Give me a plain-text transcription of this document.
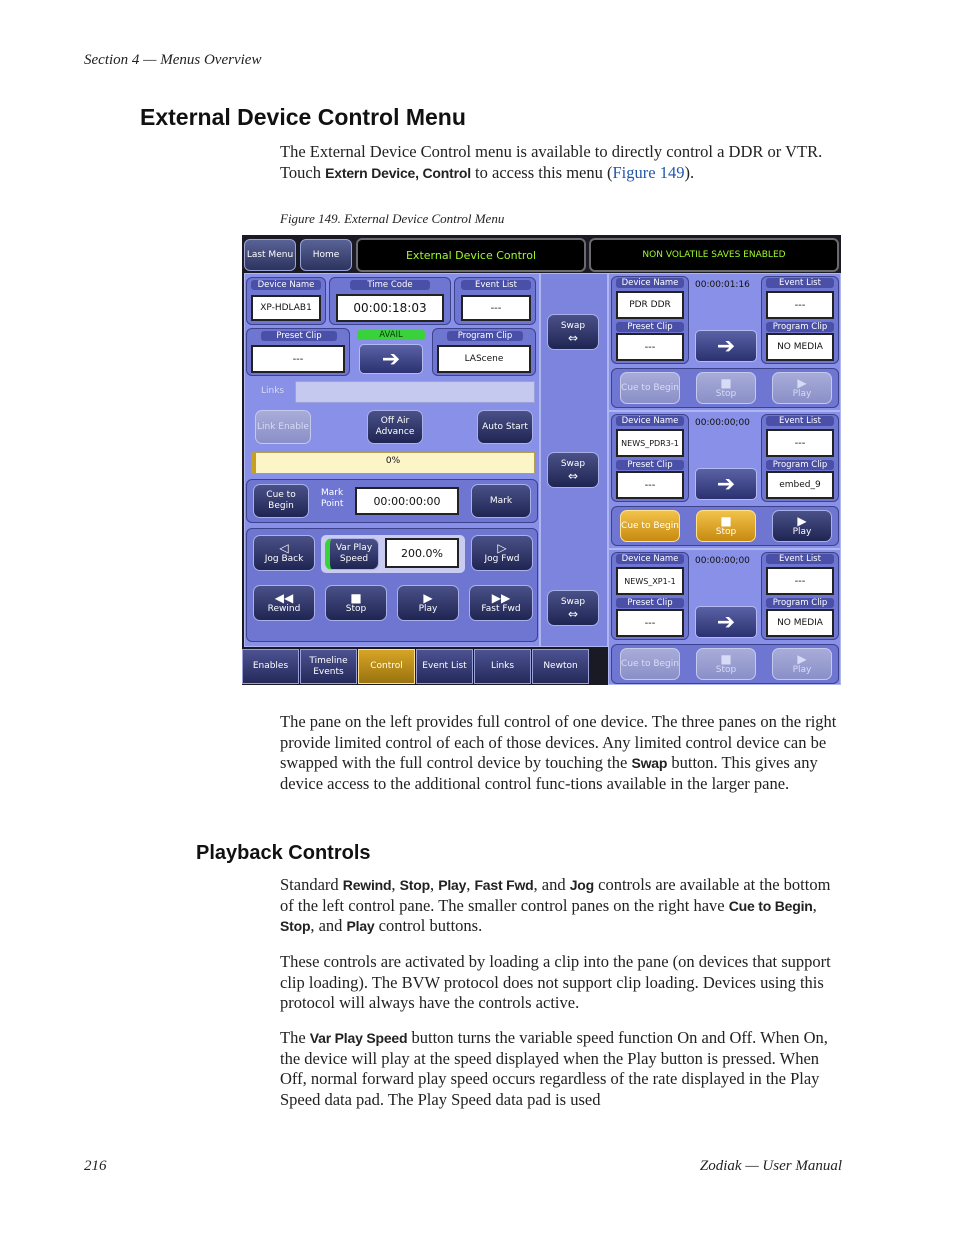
Section 4 — Menus Overview
External Device Control Menu
The External Device Control menu is available to directly control a DDR or VTR. Touch Extern Device, Control to access this menu (Figure 149).
Figure 149. External Device Control Menu
Last Menu	Home	External Device Control	NON VOLATILE SAVES ENABLED
Device Name
XP-HDLAB1
Time Code
00:00:18:03
Event List
---
Preset Clip
---
AVAIL
➔
Program Clip
LAScene
Links
Link Enable
Off Air Advance
Auto Start
0%
Cue to Begin
Mark Point	00:00:00:00	Mark
◁
Jog Back
Var Play Speed	200.0%	▷
Jog Fwd
◀◀
Rewind
■
Stop
▶
Play
▶▶
Fast Fwd
Swap
⇔
Swap
⇔
Swap
⇔
Device Name
PDR DDR
Preset Clip
---
00:00:01:16
➔
Event List
---
Program Clip
NO MEDIA
Cue to Begin	■
Stop
▶
Play
Device Name
NEWS_PDR3-1
Preset Clip
---
00:00:00;00
➔
Event List
---
Program Clip
embed_9
Cue to Begin	■
Stop
▶
Play
Device Name
NEWS_XP1-1
Preset Clip
---
00:00:00;00
➔
Event List
---
Program Clip
NO MEDIA
Cue to Begin	■
Stop
▶
Play
Enables
Timeline Events
Control	Event List	Links	Newton
The pane on the left provides full control of one device. The three panes on the right provide limited control of each of those devices. Any limited control device can be swapped with the full control device by touching the Swap button. This gives any device access to the additional control func-tions available in the larger pane.
Playback Controls
Standard Rewind, Stop, Play, Fast Fwd, and Jog controls are available at the bottom of the left control pane. The smaller control panes on the right have Cue to Begin, Stop, and Play control buttons.
These controls are activated by loading a clip into the pane (on devices that support clip loading). The BVW protocol does not support clip loading. Devices using this protocol will always have the controls active.
The Var Play Speed button turns the variable speed function On and Off. When On, the device will play at the speed displayed when the Play button is pressed. When Off, normal forward play speed occurs regardless of the rate displayed in the Play Speed data pad. The Play Speed data pad is used
216	Zodiak — User Manual
